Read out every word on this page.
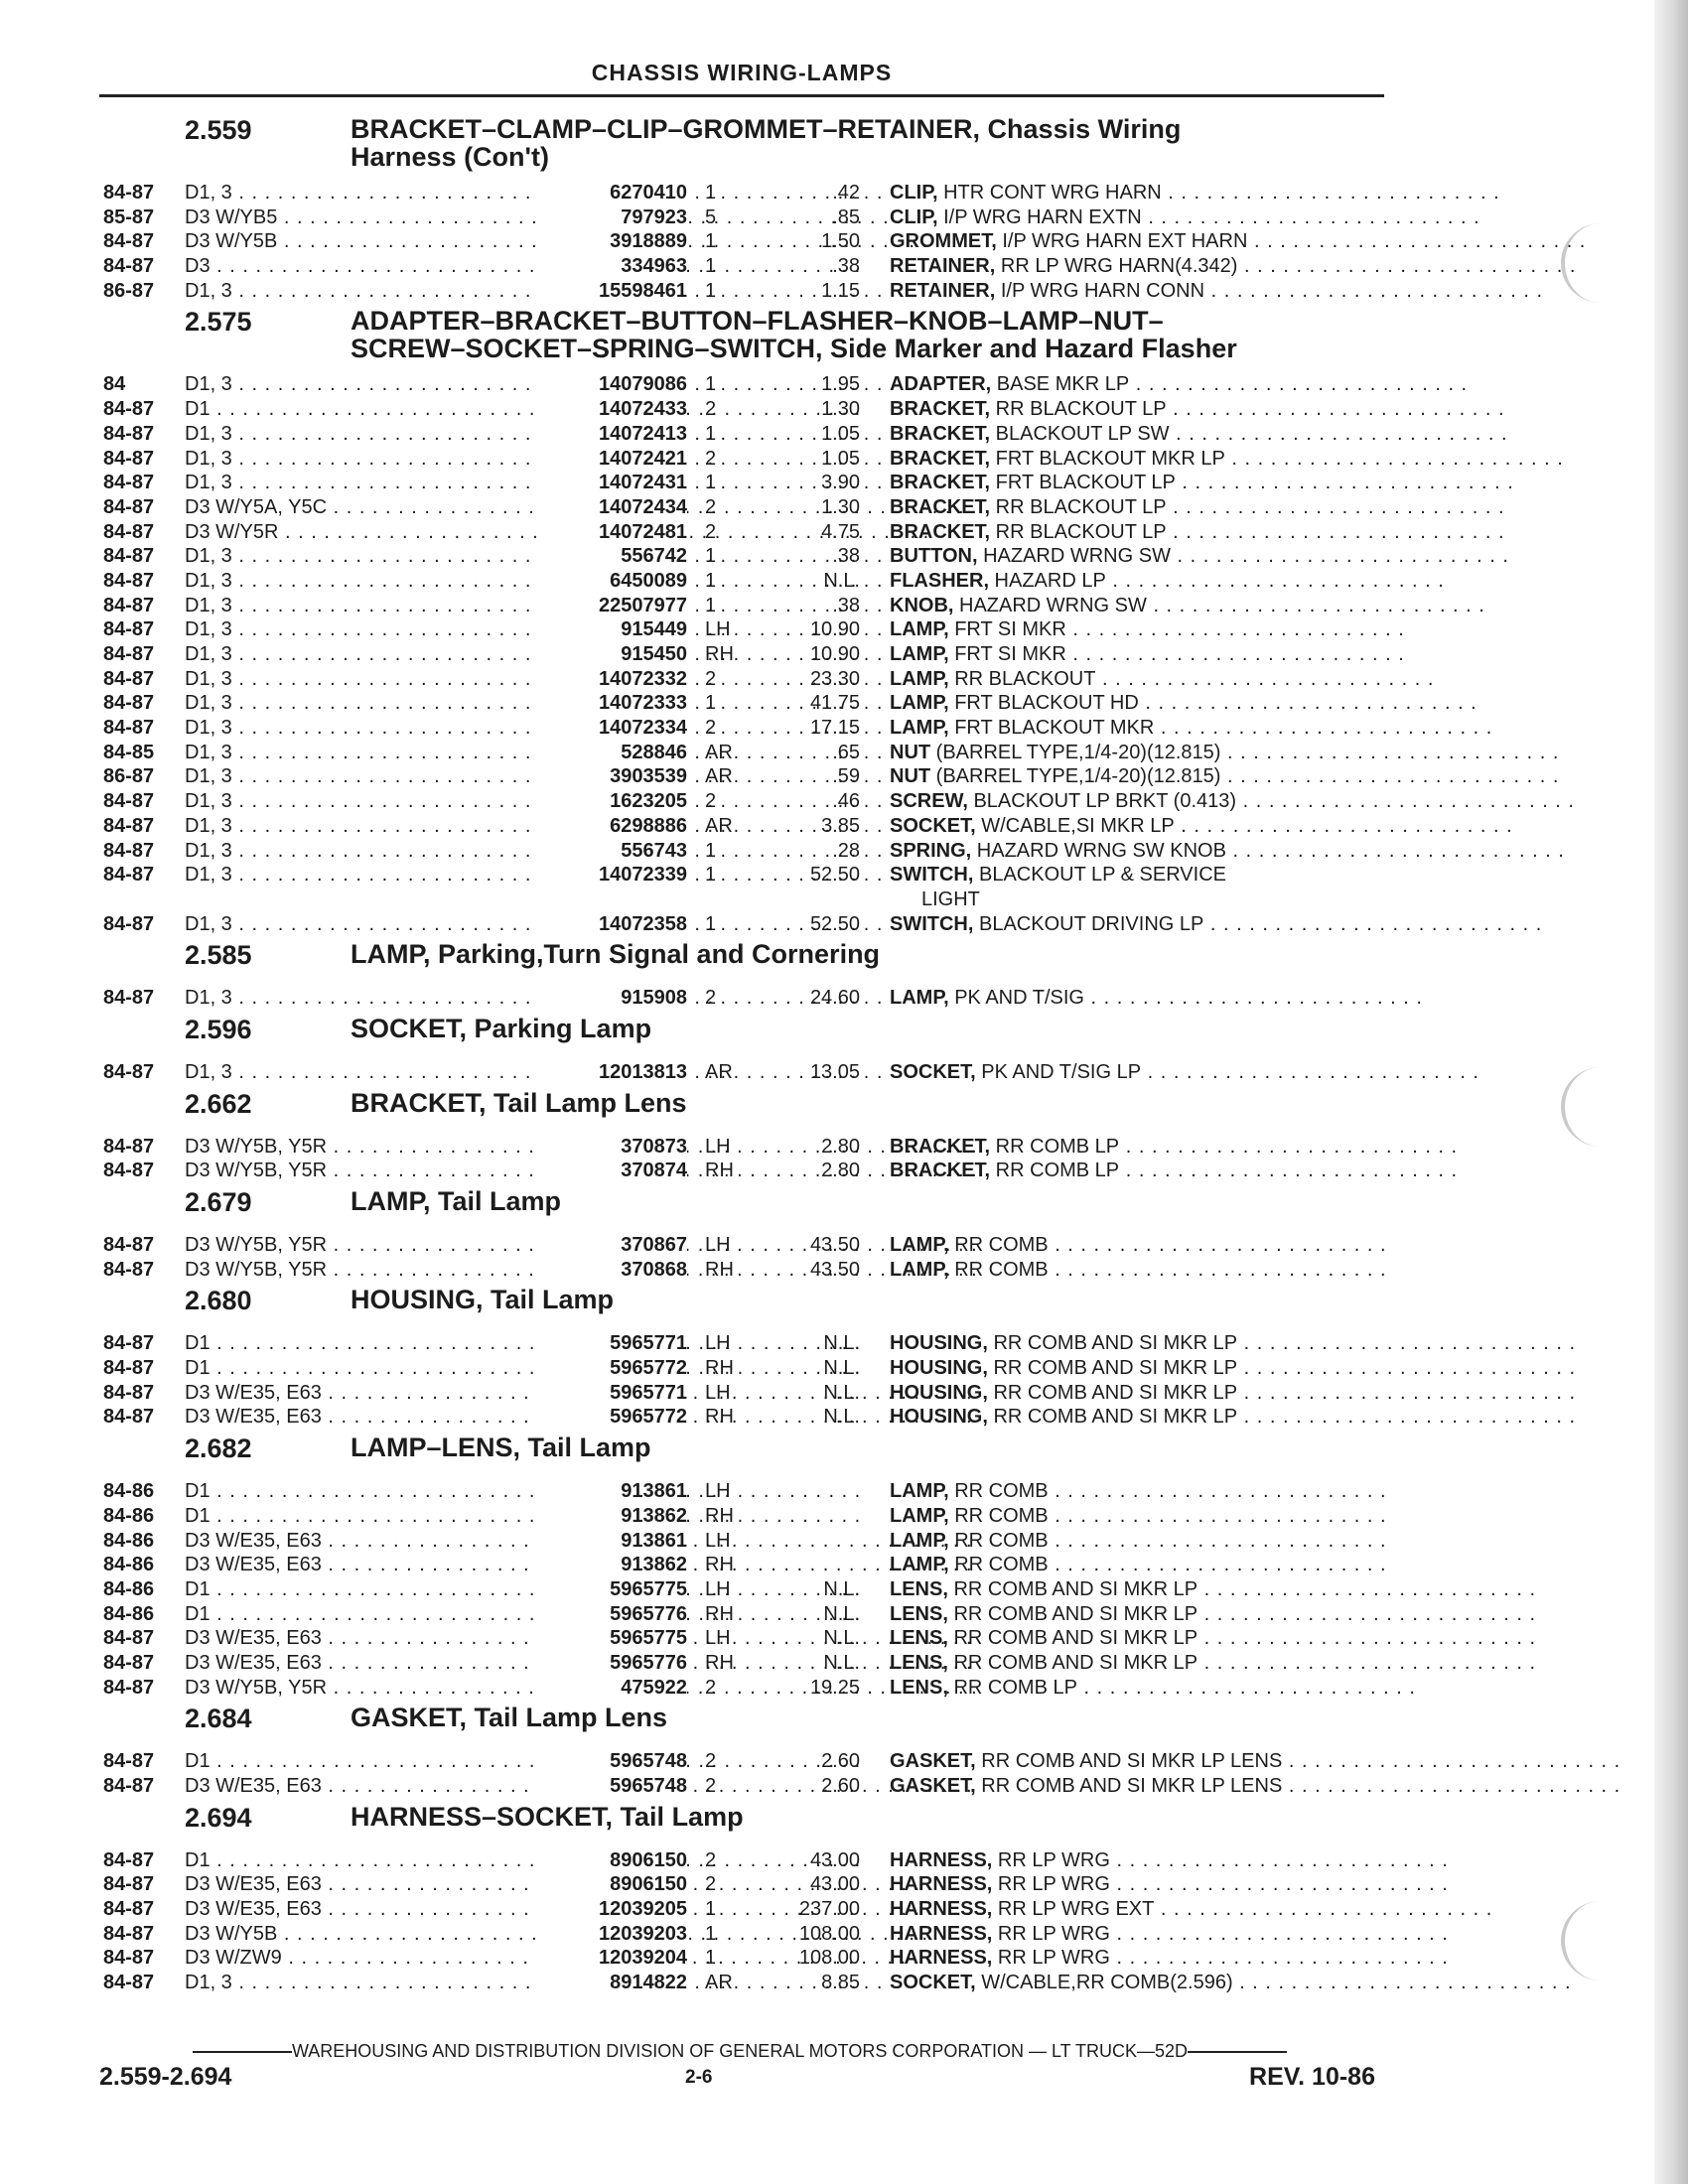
CHASSIS WIRING-LAMPS
2.559	BRACKET–CLAMP–CLIP–GROMMET–RETAINER, Chassis Wiring
Harness (Con't)
84-87 D1, 3 . . .	6270410 1	.42 CLIP, HTR CONT WRG HARN . . . . . . . . . . . . . . . . . . . . . . . . . .
85-87 D3 W/YB5 . . .	797923 5	.85 CLIP, I/P WRG HARN EXTN . . . . . . . . . . . . . . . . . . . . . . . . . .
84-87 D3 W/Y5B . . .	3918889 1	1.50 GROMMET, I/P WRG HARN EXT HARN . . . . . . . . . . . . . . . . . . . . . . . . . .
84-87 D3 . . .	334963 1	.38 RETAINER, RR LP WRG HARN(4.342) . . . . . . . . . . . . . . . . . . . . . . . . . .
86-87 D1, 3 . . .	15598461 1	1.15 RETAINER, I/P WRG HARN CONN . . . . . . . . . . . . . . . . . . . . . . . . . .
2.575	ADAPTER–BRACKET–BUTTON–FLASHER–KNOB–LAMP–NUT–
SCREW–SOCKET–SPRING–SWITCH, Side Marker and Hazard Flasher
84	D1, 3 . . .	14079086 1	1.95 ADAPTER, BASE MKR LP . . . . . . . . . . . . . . . . . . . . . . . . . .
84-87 D1 . . .	14072433 2	1.30 BRACKET, RR BLACKOUT LP . . . . . . . . . . . . . . . . . . . . . . . . . .
84-87 D1, 3 . . .	14072413 1	1.05 BRACKET, BLACKOUT LP SW . . . . . . . . . . . . . . . . . . . . . . . . . .
84-87 D1, 3 . . .	14072421 2	1.05 BRACKET, FRT BLACKOUT MKR LP . . . . . . . . . . . . . . . . . . . . . . . . . .
84-87 D1, 3 . . .	14072431 1	3.90 BRACKET, FRT BLACKOUT LP . . . . . . . . . . . . . . . . . . . . . . . . . .
84-87 D3 W/Y5A, Y5C . . .	14072434 2	1.30 BRACKET, RR BLACKOUT LP . . . . . . . . . . . . . . . . . . . . . . . . . .
84-87 D3 W/Y5R . . .	14072481 2	4.75 BRACKET, RR BLACKOUT LP . . . . . . . . . . . . . . . . . . . . . . . . . .
84-87 D1, 3 . . .	556742 1	.38 BUTTON, HAZARD WRNG SW . . . . . . . . . . . . . . . . . . . . . . . . . .
84-87 D1, 3 . . .	6450089 1	N.L. FLASHER, HAZARD LP . . . . . . . . . . . . . . . . . . . . . . . . . .
84-87 D1, 3 . . .	22507977 1	.38 KNOB, HAZARD WRNG SW . . . . . . . . . . . . . . . . . . . . . . . . . .
84-87 D1, 3 . . .	915449 LH	10.90 LAMP, FRT SI MKR . . . . . . . . . . . . . . . . . . . . . . . . . .
84-87 D1, 3 . . .	915450 RH	10.90 LAMP, FRT SI MKR . . . . . . . . . . . . . . . . . . . . . . . . . .
84-87 D1, 3 . . .	14072332 2	23.30 LAMP, RR BLACKOUT . . . . . . . . . . . . . . . . . . . . . . . . . .
84-87 D1, 3 . . .	14072333 1	41.75 LAMP, FRT BLACKOUT HD . . . . . . . . . . . . . . . . . . . . . . . . . .
84-87 D1, 3 . . .	14072334 2	17.15 LAMP, FRT BLACKOUT MKR . . . . . . . . . . . . . . . . . . . . . . . . . .
84-85 D1, 3 . . .	528846 AR	.65 NUT (BARREL TYPE,1/4-20)(12.815) . . . . . . . . . . . . . . . . . . . . . . . . . .
86-87 D1, 3 . . .	3903539 AR	.59 NUT (BARREL TYPE,1/4-20)(12.815) . . . . . . . . . . . . . . . . . . . . . . . . . .
84-87 D1, 3 . . .	1623205 2	.46 SCREW, BLACKOUT LP BRKT (0.413) . . . . . . . . . . . . . . . . . . . . . . . . . .
84-87 D1, 3 . . .	6298886 AR	3.85 SOCKET, W/CABLE,SI MKR LP . . . . . . . . . . . . . . . . . . . . . . . . . .
84-87 D1, 3 . . .	556743 1	.28 SPRING, HAZARD WRNG SW KNOB . . . . . . . . . . . . . . . . . . . . . . . . . .
84-87 D1, 3 . . .	14072339 1	52.50 SWITCH, BLACKOUT LP & SERVICE
LIGHT
84-87 D1, 3 . . .	14072358 1	52.50 SWITCH, BLACKOUT DRIVING LP . . . . . . . . . . . . . . . . . . . . . . . . . .
2.585	LAMP, Parking,Turn Signal and Cornering
84-87 D1, 3 . . .	915908 2	24.60 LAMP, PK AND T/SIG . . . . . . . . . . . . . . . . . . . . . . . . . .
2.596	SOCKET, Parking Lamp
84-87 D1, 3 . . .	12013813 AR	13.05 SOCKET, PK AND T/SIG LP . . . . . . . . . . . . . . . . . . . . . . . . . .
2.662	BRACKET, Tail Lamp Lens
84-87 D3 W/Y5B, Y5R . . .	370873 LH	2.80 BRACKET, RR COMB LP . . . . . . . . . . . . . . . . . . . . . . . . . .
84-87 D3 W/Y5B, Y5R . . .	370874 RH	2.80 BRACKET, RR COMB LP . . . . . . . . . . . . . . . . . . . . . . . . . .
2.679	LAMP, Tail Lamp
84-87 D3 W/Y5B, Y5R . . .	370867 LH	43.50 LAMP, RR COMB . . . . . . . . . . . . . . . . . . . . . . . . . .
84-87 D3 W/Y5B, Y5R . . .	370868 RH	43.50 LAMP, RR COMB . . . . . . . . . . . . . . . . . . . . . . . . . .
2.680	HOUSING, Tail Lamp
84-87 D1 . . .	5965771 LH	N.L. HOUSING, RR COMB AND SI MKR LP . . . . . . . . . . . . . . . . . . . . . . . . . .
84-87 D1 . . .	5965772 RH	N.L. HOUSING, RR COMB AND SI MKR LP . . . . . . . . . . . . . . . . . . . . . . . . . .
84-87 D3 W/E35, E63 . . .	5965771 LH	N.L. HOUSING, RR COMB AND SI MKR LP . . . . . . . . . . . . . . . . . . . . . . . . . .
84-87 D3 W/E35, E63 . . .	5965772 RH	N.L. HOUSING, RR COMB AND SI MKR LP . . . . . . . . . . . . . . . . . . . . . . . . . .
2.682	LAMP–LENS, Tail Lamp
84-86 D1 . . .	913861 LH	LAMP, RR COMB . . . . . . . . . . . . . . . . . . . . . . . . . .
84-86 D1 . . .	913862 RH	LAMP, RR COMB . . . . . . . . . . . . . . . . . . . . . . . . . .
84-86 D3 W/E35, E63 . . .	913861 LH	LAMP, RR COMB . . . . . . . . . . . . . . . . . . . . . . . . . .
84-86 D3 W/E35, E63 . . .	913862 RH	LAMP, RR COMB . . . . . . . . . . . . . . . . . . . . . . . . . .
84-86 D1 . . .	5965775 LH	N.L. LENS, RR COMB AND SI MKR LP . . . . . . . . . . . . . . . . . . . . . . . . . .
84-86 D1 . . .	5965776 RH	N.L. LENS, RR COMB AND SI MKR LP . . . . . . . . . . . . . . . . . . . . . . . . . .
84-87 D3 W/E35, E63 . . .	5965775 LH	N.L. LENS, RR COMB AND SI MKR LP . . . . . . . . . . . . . . . . . . . . . . . . . .
84-87 D3 W/E35, E63 . . .	5965776 RH	N.L. LENS, RR COMB AND SI MKR LP . . . . . . . . . . . . . . . . . . . . . . . . . .
84-87 D3 W/Y5B, Y5R . . .	475922 2	19.25 LENS, RR COMB LP . . . . . . . . . . . . . . . . . . . . . . . . . .
2.684	GASKET, Tail Lamp Lens
84-87 D1 . . .	5965748 2	2.60 GASKET, RR COMB AND SI MKR LP LENS . . . . . . . . . . . . . . . . . . . . . . . . . .
84-87 D3 W/E35, E63 . . .	5965748 2	2.60 GASKET, RR COMB AND SI MKR LP LENS . . . . . . . . . . . . . . . . . . . . . . . . . .
2.694	HARNESS–SOCKET, Tail Lamp
84-87 D1 . . .	8906150 2	43.00 HARNESS, RR LP WRG . . . . . . . . . . . . . . . . . . . . . . . . . .
84-87 D3 W/E35, E63 . . .	8906150 2	43.00 HARNESS, RR LP WRG . . . . . . . . . . . . . . . . . . . . . . . . . .
84-87 D3 W/E35, E63 . . .	12039205 1	237.00 HARNESS, RR LP WRG EXT . . . . . . . . . . . . . . . . . . . . . . . . . .
84-87 D3 W/Y5B . . .	12039203 1	108.00 HARNESS, RR LP WRG . . . . . . . . . . . . . . . . . . . . . . . . . .
84-87 D3 W/ZW9 . . .	12039204 1	108.00 HARNESS, RR LP WRG . . . . . . . . . . . . . . . . . . . . . . . . . .
84-87 D1, 3 . . .	8914822 AR	8.85 SOCKET, W/CABLE,RR COMB(2.596) . . . . . . . . . . . . . . . . . . . . . . . . . .
WAREHOUSING AND DISTRIBUTION DIVISION OF GENERAL MOTORS CORPORATION — LT TRUCK—52D
2.559-2.694	2-6	REV. 10-86
